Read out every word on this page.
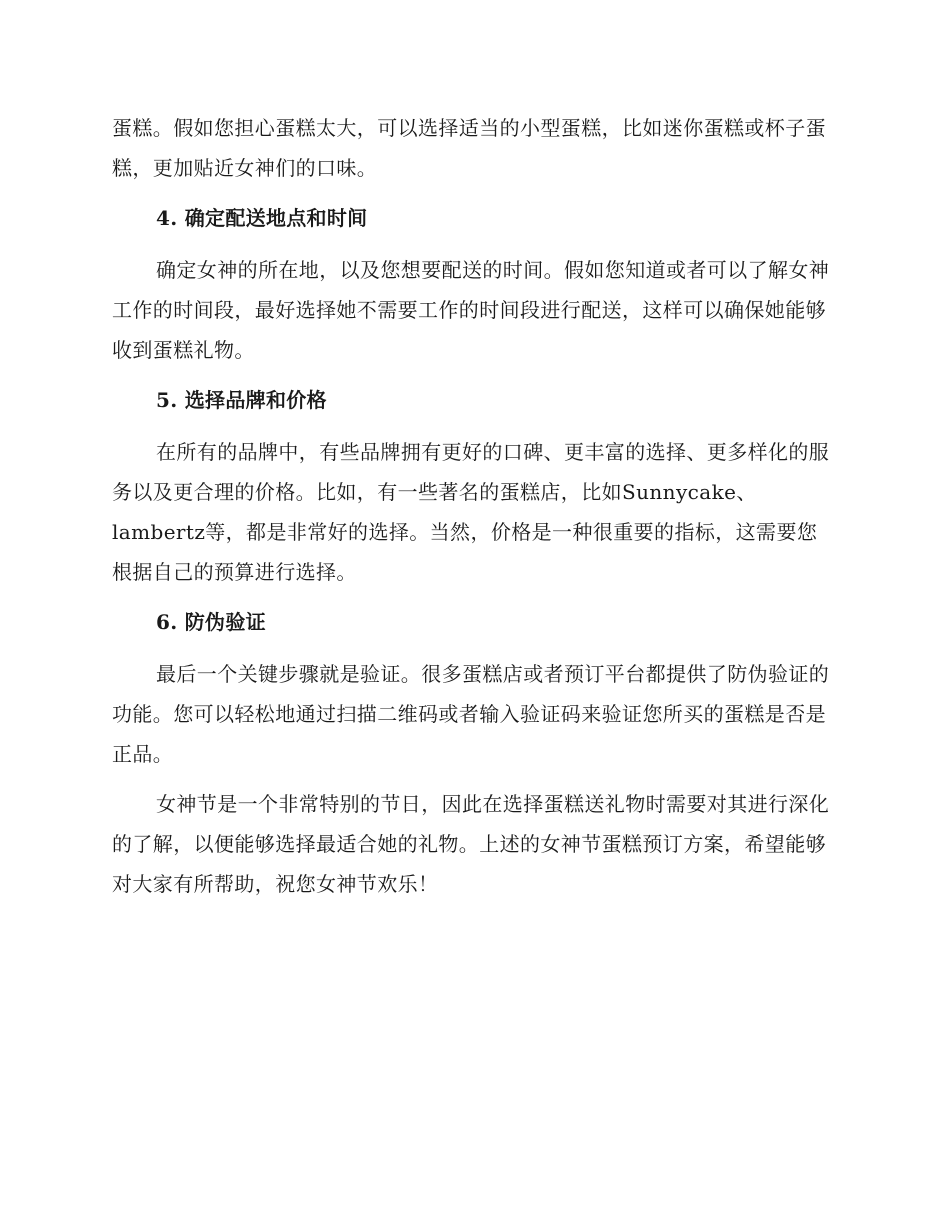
蛋糕。假如您担心蛋糕太大，可以选择适当的小型蛋糕，比如迷你蛋糕或杯子蛋糕，更加贴近女神们的口味。

4. 确定配送地点和时间

确定女神的所在地，以及您想要配送的时间。假如您知道或者可以了解女神工作的时间段，最好选择她不需要工作的时间段进行配送，这样可以确保她能够收到蛋糕礼物。

5. 选择品牌和价格

在所有的品牌中，有些品牌拥有更好的口碑、更丰富的选择、更多样化的服务以及更合理的价格。比如，有一些著名的蛋糕店，比如Sunnycake、lambertz等，都是非常好的选择。当然，价格是一种很重要的指标，这需要您根据自己的预算进行选择。

6. 防伪验证

最后一个关键步骤就是验证。很多蛋糕店或者预订平台都提供了防伪验证的功能。您可以轻松地通过扫描二维码或者输入验证码来验证您所买的蛋糕是否是正品。

女神节是一个非常特别的节日，因此在选择蛋糕送礼物时需要对其进行深化的了解，以便能够选择最适合她的礼物。上述的女神节蛋糕预订方案，希望能够对大家有所帮助，祝您女神节欢乐！
